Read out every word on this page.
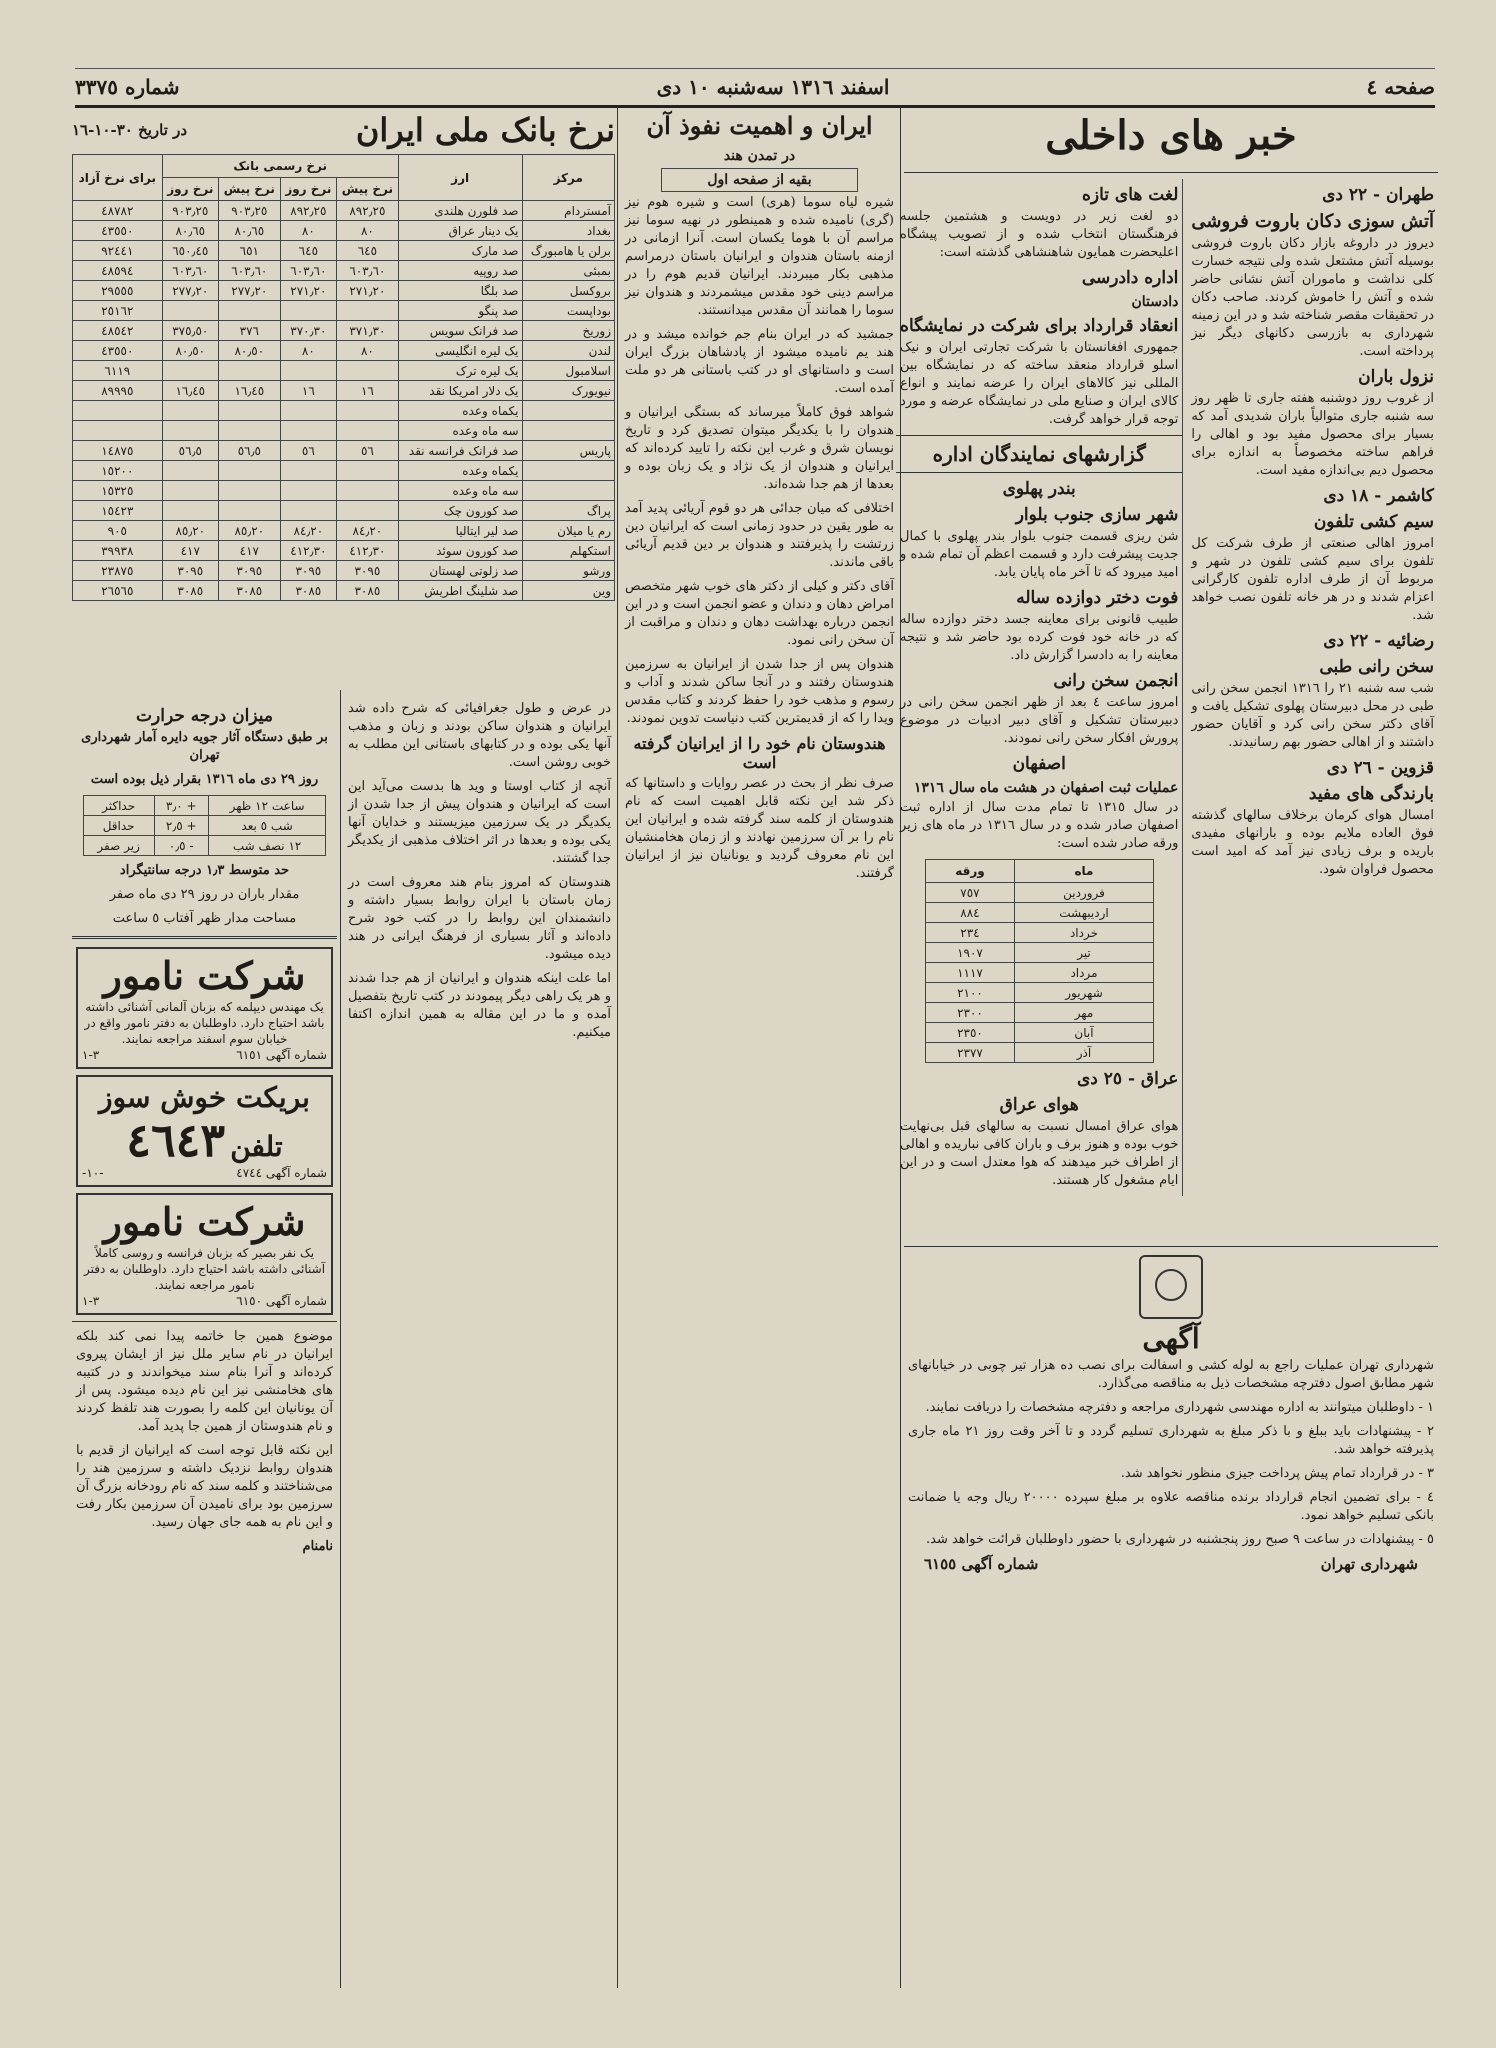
صفحه ٤
اسفند ١٣١٦ سه‌شنبه ١٠ دی
شماره ٣٣٧٥
خبر های داخلی
طهران - ٢٢ دی
آتش سوزی دکان باروت فروشی
دیروز در داروغه بازار دکان باروت فروشی بوسیله آتش مشتعل شده ولی نتیجه خسارت کلی نداشت و ماموران آتش نشانی حاضر شده و آتش را خاموش کردند. صاحب دکان در تحقیقات مقصر شناخته شد و در این زمینه شهرداری به بازرسی دکانهای دیگر نیز پرداخته است.
نزول باران
از غروب روز دوشنبه هفته جاری تا ظهر روز سه شنبه جاری متوالیاً باران شدیدی آمد که بسیار برای محصول مفید بود و اهالی را فراهم ساخته مخصوصاً به اندازه برای محصول دیم بی‌اندازه مفید است.
کاشمر - ١٨ دی
سیم کشی تلفون
امروز اهالی صنعتی از طرف شرکت کل تلفون برای سیم کشی تلفون در شهر و مربوط آن از طرف اداره تلفون کارگرانی اعزام شدند و در هر خانه تلفون نصب خواهد شد.
رضائیه - ٢٢ دی
سخن رانی طبی
شب سه شنبه ٢١ را ١٣١٦ انجمن سخن رانی طبی در محل دبیرستان پهلوی تشکیل یافت و آقای دکتر سخن رانی کرد و آقایان حضور داشتند و از اهالی حضور بهم رسانیدند.
قزوین - ٢٦ دی
بارندگی های مفید
امسال هوای کرمان برخلاف سالهای گذشته فوق العاده ملایم بوده و بارانهای مفیدی باریده و برف زیادی نیز آمد که امید است محصول فراوان شود.
لغت های تازه
دو لغت زیر در دویست و هشتمین جلسه فرهنگستان انتخاب شده و از تصویب پیشگاه اعلیحضرت همایون شاهنشاهی گذشته است:
اداره دادرسی
دادستان
انعقاد قرارداد برای شرکت در نمایشگاه
جمهوری افغانستان با شرکت تجارتی ایران و نیک اسلو قرارداد منعقد ساخته که در نمایشگاه بین المللی نیز کالاهای ایران را عرضه نمایند و انواع کالای ایران و صنایع ملی در نمایشگاه عرضه و مورد توجه قرار خواهد گرفت.
گزارشهای نمایندگان اداره
بندر پهلوی
شهر سازی جنوب بلوار
شن ریزی قسمت جنوب بلوار بندر پهلوی با کمال جدیت پیشرفت دارد و قسمت اعظم آن تمام شده و امید میرود که تا آخر ماه پایان یابد.
فوت دختر دوازده ساله
طبیب قانونی برای معاینه جسد دختر دوازده ساله که در خانه خود فوت کرده بود حاضر شد و نتیجه معاینه را به دادسرا گزارش داد.
انجمن سخن رانی
امروز ساعت ٤ بعد از ظهر انجمن سخن رانی در دبیرستان تشکیل و آقای دبیر ادبیات در موضوع پرورش افکار سخن رانی نمودند.
اصفهان
عملیات ثبت اصفهان در هشت ماه سال ١٣١٦
در سال ١٣١٥ تا تمام مدت سال از اداره ثبت اصفهان صادر شده و در سال ١٣١٦ در ماه های زیر ورقه صادر شده است:
ماه	ورقه
فروردین	٧٥٧
اردیبهشت	٨٨٤
خرداد	٢٣٤
تیر	١٩٠٧
مرداد	١١١٧
شهریور	٢١٠٠
مهر	٢٣٠٠
آبان	٢٣٥٠
آذر	٢٣٧٧
عراق - ٢٥ دی
هوای عراق
هوای عراق امسال نسبت به سالهای قبل بی‌نهایت خوب بوده و هنوز برف و باران کافی نباریده و اهالی از اطراف خبر میدهند که هوا معتدل است و در این ایام مشغول کار هستند.
آگهی
شهرداری تهران عملیات راجع به لوله کشی و اسفالت برای نصب ده هزار تیر چوبی در خیابانهای شهر مطابق اصول دفترچه مشخصات ذیل به مناقصه می‌گذارد.
١ - داوطلبان میتوانند به اداره مهندسی شهرداری مراجعه و دفترچه مشخصات را دریافت نمایند.
٢ - پیشنهادات باید ببلغ و با ذکر مبلغ به شهرداری تسلیم گردد و تا آخر وقت روز ٢١ ماه جاری پذیرفته خواهد شد.
٣ - در قرارداد تمام پیش پرداخت جیزی منظور نخواهد شد.
٤ - برای تضمین انجام قرارداد برنده مناقصه علاوه بر مبلغ سپرده ٢٠٠٠٠ ریال وجه یا ضمانت بانکی تسلیم خواهد نمود.
٥ - پیشنهادات در ساعت ٩ صبح روز پنجشنبه در شهرداری با حضور داوطلبان قرائت خواهد شد.
شهرداری تهران
شماره آگهی ٦١٥٥
ایران و اهمیت نفوذ آن
در تمدن هند
بقیه از صفحه اول
شیره لیاه سوما (هری) است و شیره هوم نیز (گری) نامیده شده و همینطور در نهیه سوما نیز مراسم آن با هوما یکسان است. آنرا ازمانی در ازمنه باستان هندوان و ایرانیان باستان درمراسم مذهبی بکار میبردند. ایرانیان قدیم هوم را در مراسم دینی خود مقدس میشمردند و هندوان نیز سوما را همانند آن مقدس میدانستند.
جمشید که در ایران بنام جم خوانده میشد و در هند یم نامیده میشود از پادشاهان بزرگ ایران است و داستانهای او در کتب باستانی هر دو ملت آمده است.
شواهد فوق کاملاً میرساند که بستگی ایرانیان و هندوان را با یکدیگر میتوان تصدیق کرد و تاریخ نویسان شرق و غرب این نکته را تایید کرده‌اند که ایرانیان و هندوان از یک نژاد و یک زبان بوده و بعدها از هم جدا شده‌اند.
اختلافی که میان جدائی هر دو قوم آریائی پدید آمد به طور یقین در حدود زمانی است که ایرانیان دین زرتشت را پذیرفتند و هندوان بر دین قدیم آریائی باقی ماندند.
آقای دکتر و کیلی از دکتر های خوب شهر متخصص امراض دهان و دندان و عضو انجمن است و در این انجمن درباره بهداشت دهان و دندان و مراقبت از آن سخن رانی نمود.
هندوان پس از جدا شدن از ایرانیان به سرزمین هندوستان رفتند و در آنجا ساکن شدند و آداب و رسوم و مذهب خود را حفظ کردند و کتاب مقدس ویدا را که از قدیمترین کتب دنیاست تدوین نمودند.
هندوستان نام خود را از ایرانیان گرفته است
صرف نظر از بحث در عصر روایات و داستانها که ذکر شد این نکته قابل اهمیت است که نام هندوستان از کلمه سند گرفته شده و ایرانیان این نام را بر آن سرزمین نهادند و از زمان هخامنشیان این نام معروف گردید و یونانیان نیز از ایرانیان گرفتند.
نرخ بانک ملی ایران
در تاریخ ٣٠-١٠-١٦
مرکز	ارز	نرخ رسمی بانک				برای نرخ آزاد
		نرخ پیش	نرخ روز	نرخ پیش	نرخ روز	
آمستردام	صد فلورن هلندی	٨٩٢٫٢٥	٨٩٢٫٢٥	٩٠٣٫٢٥	٩٠٣٫٢٥	٤٨٧٨٢
بغداد	یک دینار عراق	٨٠	٨٠	٨٠٫٦٥	٨٠٫٦٥	٤٣٥٥٠
برلن یا هامبورگ	صد مارک	٦٤٥	٦٤٥	٦٥١	٦٥٠٫٤٥	٩٢٤٤١
بمبئی	صد روپیه	٦٠٣٫٦٠	٦٠٣٫٦٠	٦٠٣٫٦٠	٦٠٣٫٦٠	٤٨٥٩٤
بروکسل	صد بلگا	٢٧١٫٢٠	٢٧١٫٢٠	٢٧٧٫٢٠	٢٧٧٫٢٠	٢٩٥٥٥
بوداپست	صد پنگو					٢٥١٦٢
زوریخ	صد فرانک سویس	٣٧١٫٣٠	٣٧٠٫٣٠	٣٧٦	٣٧٥٫٥٠	٤٨٥٤٢
لندن	یک لیره انگلیسی	٨٠	٨٠	٨٠٫٥٠	٨٠٫٥٠	٤٣٥٥٠
اسلامبول	یک لیره ترک					٦١١٩
نیویورک	یک دلار امریکا نقد	١٦	١٦	١٦٫٤٥	١٦٫٤٥	٨٩٩٩٥
	یکماه وعده					
	سه ماه وعده					
پاریس	صد فرانک فرانسه نقد	٥٦	٥٦	٥٦٫٥	٥٦٫٥	١٤٨٧٥
	یکماه وعده					١٥٢٠٠
	سه ماه وعده					١٥٣٢٥
پراگ	صد کورون چک					١٥٤٢٣
رم یا میلان	صد لیر ایتالیا	٨٤٫٢٠	٨٤٫٢٠	٨٥٫٢٠	٨٥٫٢٠	٩٠٥
استکهلم	صد کورون سوئد	٤١٢٫٣٠	٤١٢٫٣٠	٤١٧	٤١٧	٣٩٩٣٨
ورشو	صد زلوتی لهستان	٣٠٩٥	٣٠٩٥	٣٠٩٥	٣٠٩٥	٢٣٨٧٥
وین	صد شلینگ اطریش	٣٠٨٥	٣٠٨٥	٣٠٨٥	٣٠٨٥	٢٦٥٦٥
میزان درجه حرارت
بر طبق دستگاه آثار جویه دایره آمار شهرداری تهران
روز ٢٩ دی ماه ١٣١٦ بقرار ذیل بوده است
ساعت ١٢ ظهر	+ ٣٫٠	حداکثر
شب ٥ بعد	+ ٢٫٥	حداقل
١٢ نصف شب	- ٠٫٥	زیر صفر
حد متوسط ١٫٣ درجه سانتیگراد
مقدار باران در روز ٢٩ دی ماه صفر
مساحت مدار ظهر آفتاب ٥ ساعت
شرکت نامور
یک مهندس دیپلمه که بزبان آلمانی آشنائی داشته باشد احتیاج دارد. داوطلبان به دفتر نامور واقع در خیابان سوم اسفند مراجعه نمایند.
شماره آگهی ٦١٥١
٣-١
بریکت خوش سوز
تلفن ٤٦٤٣
شماره آگهی ٤٧٤٤
-١٠-
شرکت نامور
یک نفر بصیر که بزبان فرانسه و روسی کاملاً آشنائی داشته باشد احتیاج دارد. داوطلبان به دفتر نامور مراجعه نمایند.
شماره آگهی ٦١٥٠
٣-١
موضوع همین جا خاتمه پیدا نمی کند بلکه ایرانیان در نام سایر ملل نیز از ایشان پیروی کرده‌اند و آنرا بنام سند میخواندند و در کتیبه های هخامنشی نیز این نام دیده میشود. پس از آن یونانیان این کلمه را بصورت هند تلفظ کردند و نام هندوستان از همین جا پدید آمد.
این نکته قابل توجه است که ایرانیان از قدیم با هندوان روابط نزدیک داشته و سرزمین هند را می‌شناختند و کلمه سند که نام رودخانه بزرگ آن سرزمین بود برای نامیدن آن سرزمین بکار رفت و این نام به همه جای جهان رسید.
نامنام
در عرض و طول جغرافیائی که شرح داده شد ایرانیان و هندوان ساکن بودند و زبان و مذهب آنها یکی بوده و در کتابهای باستانی این مطلب به خوبی روشن است.
آنچه از کتاب اوستا و وید ها بدست می‌آید این است که ایرانیان و هندوان پیش از جدا شدن از یکدیگر در یک سرزمین میزیستند و خدایان آنها یکی بوده و بعدها در اثر اختلاف مذهبی از یکدیگر جدا گشتند.
هندوستان که امروز بنام هند معروف است در زمان باستان با ایران روابط بسیار داشته و دانشمندان این روابط را در کتب خود شرح داده‌اند و آثار بسیاری از فرهنگ ایرانی در هند دیده میشود.
اما علت اینکه هندوان و ایرانیان از هم جدا شدند و هر یک راهی دیگر پیمودند در کتب تاریخ بتفصیل آمده و ما در این مقاله به همین اندازه اکتفا میکنیم.
